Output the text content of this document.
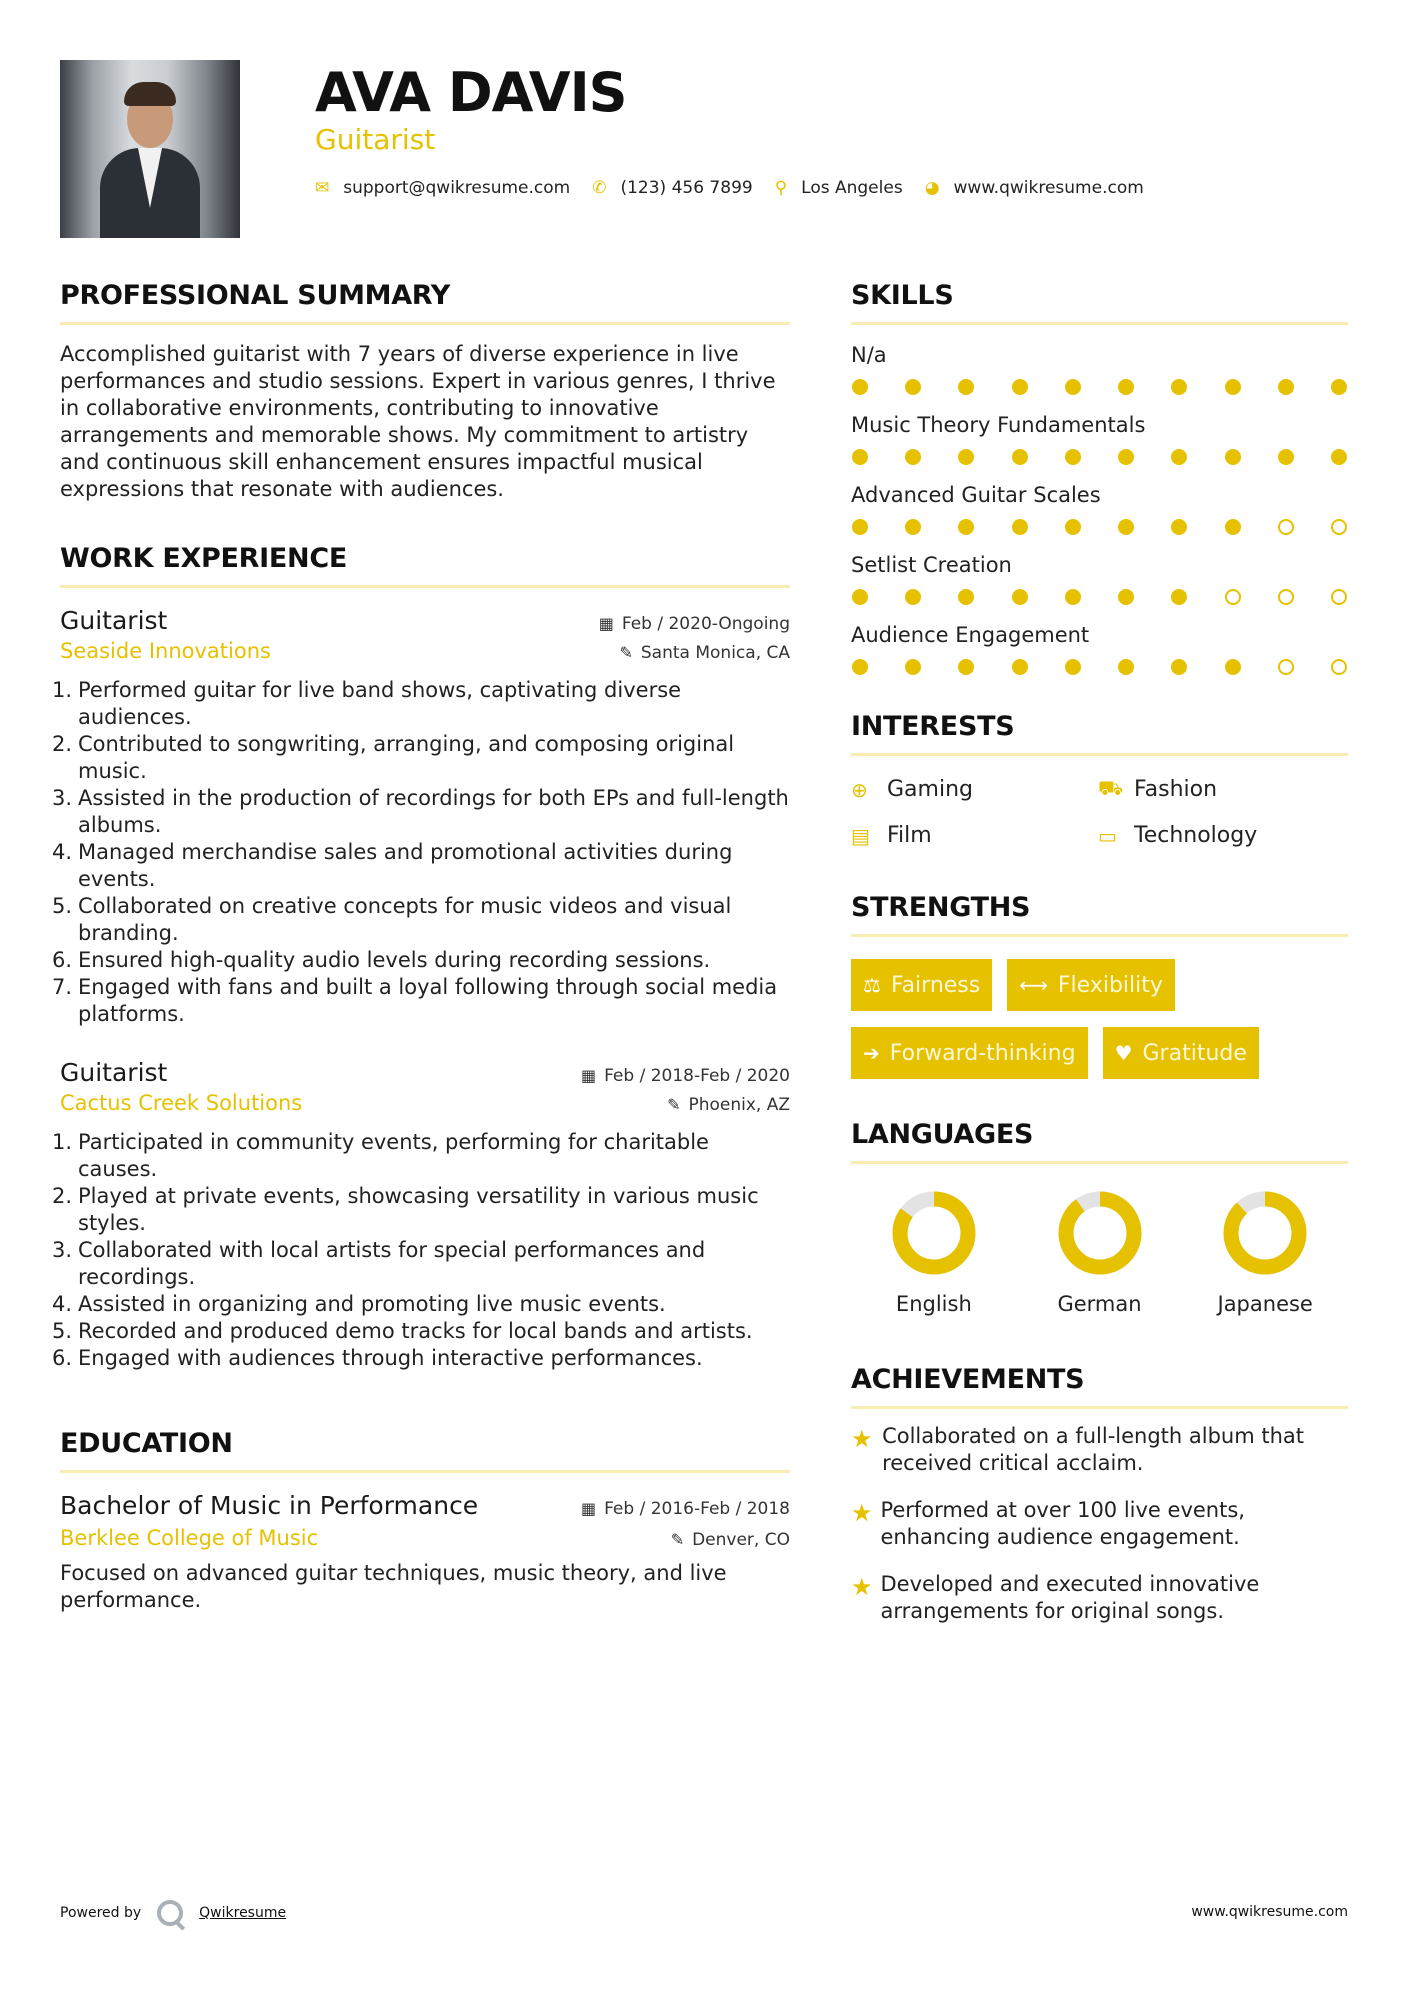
AVA DAVIS
Guitarist
✉ support@qwikresume.com ✆ (123) 456 7899 ⚲ Los Angeles ◕ www.qwikresume.com
PROFESSIONAL SUMMARY

Accomplished guitarist with 7 years of diverse experience in live performances and studio sessions. Expert in various genres, I thrive in collaborative environments, contributing to innovative arrangements and memorable shows. My commitment to artistry and continuous skill enhancement ensures impactful musical expressions that resonate with audiences.

WORK EXPERIENCE
Guitarist	▦ Feb / 2020-Ongoing
Seaside Innovations	✎ Santa Monica, CA
1. Performed guitar for live band shows, captivating diverse audiences.
2. Contributed to songwriting, arranging, and composing original music.
3. Assisted in the production of recordings for both EPs and full-length albums.
4. Managed merchandise sales and promotional activities during events.
5. Collaborated on creative concepts for music videos and visual branding.
6. Ensured high-quality audio levels during recording sessions.
7. Engaged with fans and built a loyal following through social media platforms.
Guitarist	▦ Feb / 2018-Feb / 2020
Cactus Creek Solutions	✎ Phoenix, AZ
1. Participated in community events, performing for charitable causes.
2. Played at private events, showcasing versatility in various music styles.
3. Collaborated with local artists for special performances and recordings.
4. Assisted in organizing and promoting live music events.
5. Recorded and produced demo tracks for local bands and artists.
6. Engaged with audiences through interactive performances.
EDUCATION
Bachelor of Music in Performance	▦ Feb / 2016-Feb / 2018
Berklee College of Music	✎ Denver, CO

Focused on advanced guitar techniques, music theory, and live performance.

SKILLS
N/a
Music Theory Fundamentals
Advanced Guitar Scales
Setlist Creation
Audience Engagement
INTERESTS
⊕ Gaming	⛟ Fashion
▤ Film	▭ Technology
STRENGTHS
⚖ Fairness ⟷ Flexibility
➔ Forward-thinking ♥ Gratitude
LANGUAGES
English	German	Japanese
ACHIEVEMENTS
★ Collaborated on a full-length album that received critical acclaim.
★ Performed at over 100 live events, enhancing audience engagement.
★ Developed and executed innovative arrangements for original songs.
Powered by	Qwikresume	www.qwikresume.com
